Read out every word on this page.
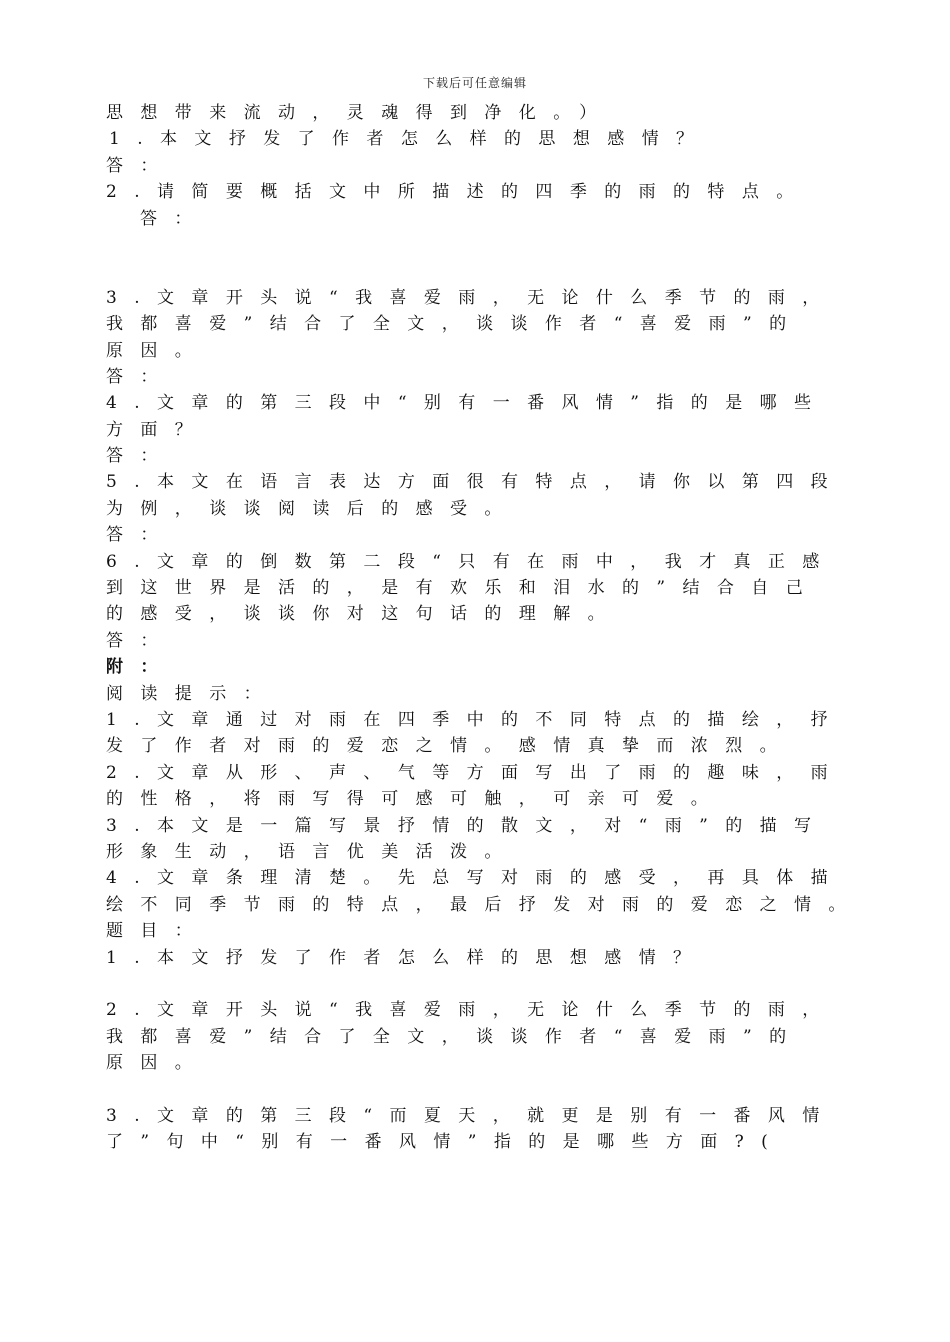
下载后可任意编辑
思想带来流动，灵魂得到净化。）
1.本文抒发了作者怎么样的思想感情？
答：
2.请简要概括文中所描述的四季的雨的特点。
答：
3.文章开头说“我喜爱雨，无论什么季节的雨，
我都喜爱”结合了全文，谈谈作者“喜爱雨”的
原因。
答：
4.文章的第三段中“别有一番风情”指的是哪些
方面？
答：
5.本文在语言表达方面很有特点，请你以第四段
为例，谈谈阅读后的感受。
答：
6.文章的倒数第二段“只有在雨中，我才真正感
到这世界是活的，是有欢乐和泪水的”结合自己
的感受，谈谈你对这句话的理解。
答：
附：
阅读提示：
1.文章通过对雨在四季中的不同特点的描绘，抒
发了作者对雨的爱恋之情。感情真挚而浓烈。
2.文章从形、声、气等方面写出了雨的趣味，雨
的性格，将雨写得可感可触，可亲可爱。
3.本文是一篇写景抒情的散文，对“雨”的描写
形象生动，语言优美活泼。
4.文章条理清楚。先总写对雨的感受，再具体描
绘不同季节雨的特点，最后抒发对雨的爱恋之情。
题目：
1.本文抒发了作者怎么样的思想感情？
2.文章开头说“我喜爱雨，无论什么季节的雨，
我都喜爱”结合了全文，谈谈作者“喜爱雨”的
原因。
3.文章的第三段“而夏天，就更是别有一番风情
了”句中“别有一番风情”指的是哪些方面?(
